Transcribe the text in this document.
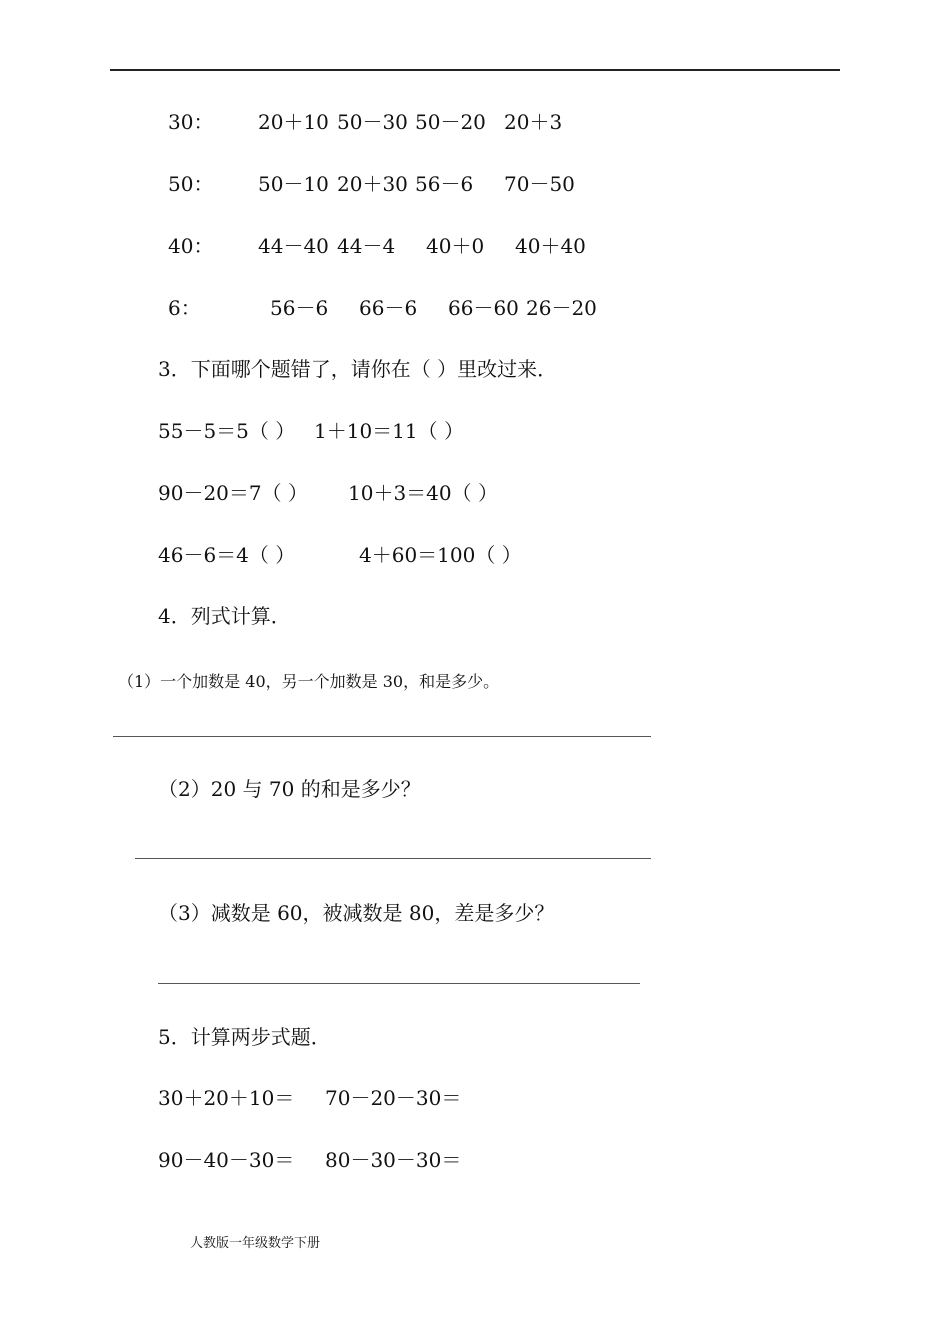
30： 20＋10 50－30 50－20 20＋3
50： 50－10 20＋30 56－6 70－50
40： 44－40 44－4 40＋0 40＋40
6：	56－6 66－6 66－60 26－20
3．下面哪个题错了，请你在（ ）里改过来．
55－5＝5（ ） 1＋10＝11（ ）
90－20＝7（ ） 10＋3＝40（ ）
46－6＝4（ ）	4＋60＝100（ ）
4．列式计算．
（1）一个加数是 40，另一个加数是 30，和是多少。
（2）20 与 70 的和是多少？
（3）减数是 60，被减数是 80，差是多少？
5．计算两步式题．
30＋20＋10＝ 70－20－30＝
90－40－30＝ 80－30－30＝
人教版一年级数学下册
